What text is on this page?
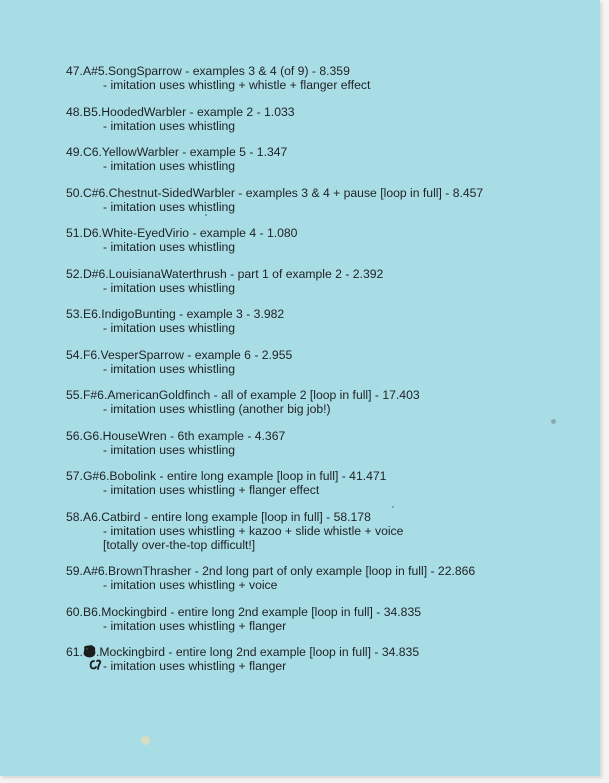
47.A#5.SongSparrow - examples 3 & 4 (of 9) - 8.359
- imitation uses whistling + whistle + flanger effect
48.B5.HoodedWarbler - example 2 - 1.033
- imitation uses whistling
49.C6.YellowWarbler - example 5 - 1.347
- imitation uses whistling
50.C#6.Chestnut-SidedWarbler - examples 3 & 4 + pause [loop in full] - 8.457
- imitation uses whistling
51.D6.White-EyedVirio - example 4 - 1.080
- imitation uses whistling
52.D#6.LouisianaWaterthrush - part 1 of example 2 - 2.392
- imitation uses whistling
53.E6.IndigoBunting - example 3 - 3.982
- imitation uses whistling
54.F6.VesperSparrow - example 6 - 2.955
- imitation uses whistling
55.F#6.AmericanGoldfinch - all of example 2 [loop in full] - 17.403
- imitation uses whistling (another big job!)
56.G6.HouseWren - 6th example - 4.367
- imitation uses whistling
57.G#6.Bobolink - entire long example [loop in full] - 41.471
- imitation uses whistling + flanger effect
58.A6.Catbird - entire long example [loop in full] - 58.178
- imitation uses whistling + kazoo + slide whistle + voice
[totally over-the-top difficult!]
59.A#6.BrownThrasher - 2nd long part of only example [loop in full] - 22.866
- imitation uses whistling + voice
60.B6.Mockingbird - entire long 2nd example [loop in full] - 34.835
- imitation uses whistling + flanger
61. .Mockingbird - entire long 2nd example [loop in full] - 34.835
- imitation uses whistling + flanger
